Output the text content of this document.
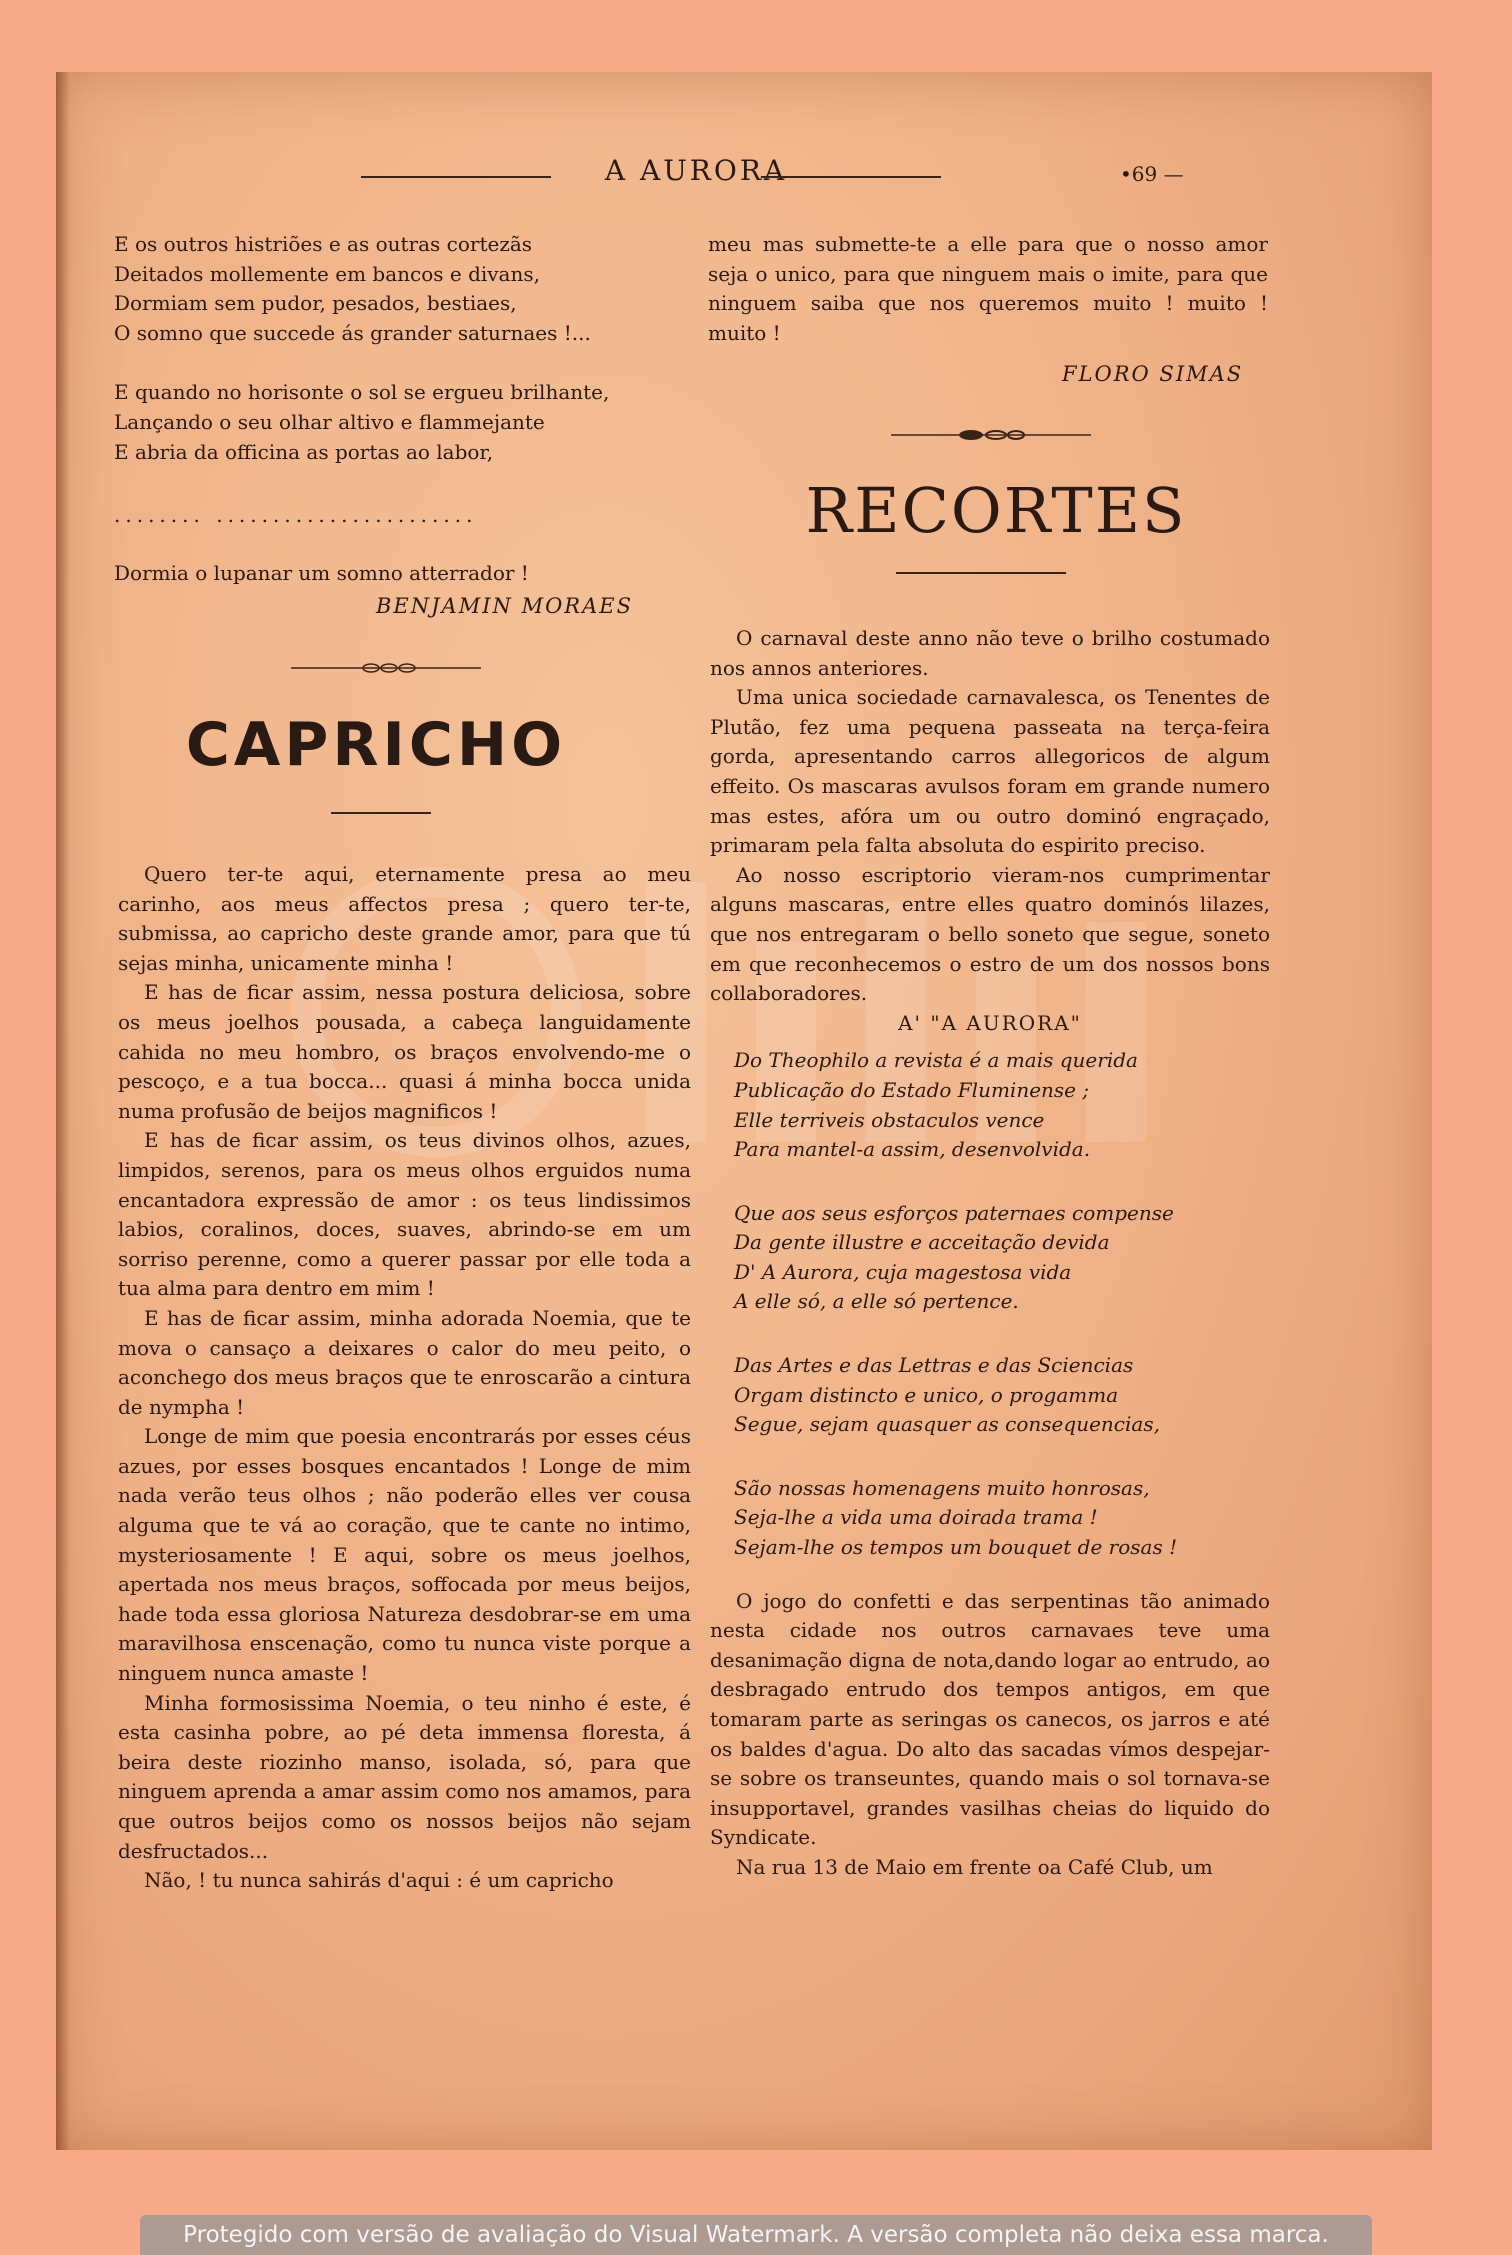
A AURORA	•69 —

E os outros histriões e as outras cortezãs

Deitados mollemente em bancos e divans,

Dormiam sem pudor, pesados, bestiaes,

O somno que succede ás grander saturnaes !...

E quando no horisonte o sol se ergueu brilhante,

Lançando o seu olhar altivo e flammejante

E abria da officina as portas ao labor,

........ .......................

Dormia o lupanar um somno atterrador !

BENJAMIN MORAES
CAPRICHO

Quero ter-te aqui, eternamente presa ao meu carinho, aos meus affectos presa ; quero ter-te, submissa, ao capricho deste grande amor, para que tú sejas minha, unicamente minha !

E has de ficar assim, nessa postura deliciosa, sobre os meus joelhos pousada, a cabeça languidamente cahida no meu hombro, os braços envolvendo-me o pescoço, e a tua bocca... quasi á minha bocca unida numa profusão de beijos magnificos !

E has de ficar assim, os teus divinos olhos, azues, limpidos, serenos, para os meus olhos erguidos numa encantadora expressão de amor : os teus lindissimos labios, coralinos, doces, suaves, abrindo-se em um sorriso perenne, como a querer passar por elle toda a tua alma para dentro em mim !

E has de ficar assim, minha adorada Noemia, que te mova o cansaço a deixares o calor do meu peito, o aconchego dos meus braços que te enroscarão a cintura de nympha !

Longe de mim que poesia encontrarás por esses céus azues, por esses bosques encantados ! Longe de mim nada verão teus olhos ; não poderão elles ver cousa alguma que te vá ao coração, que te cante no intimo, mysteriosamente ! E aqui, sobre os meus joelhos, apertada nos meus braços, soffocada por meus beijos, hade toda essa gloriosa Natureza desdobrar-se em uma maravilhosa enscenação, como tu nunca viste porque a ninguem nunca amaste !

Minha formosissima Noemia, o teu ninho é este, é esta casinha pobre, ao pé deta immensa floresta, á beira deste riozinho manso, isolada, só, para que ninguem aprenda a amar assim como nos amamos, para que outros beijos como os nossos beijos não sejam desfructados...

Não, ! tu nunca sahirás d'aqui : é um capricho

meu mas submette-te a elle para que o nosso amor seja o unico, para que ninguem mais o imite, para que ninguem saiba que nos queremos muito ! muito ! muito !

FLORO SIMAS
RECORTES

O carnaval deste anno não teve o brilho costumado nos annos anteriores.

Uma unica sociedade carnavalesca, os Tenentes de Plutão, fez uma pequena passeata na terça-feira gorda, apresentando carros allegoricos de algum effeito. Os mascaras avulsos foram em grande numero mas estes, afóra um ou outro dominó engraçado, primaram pela falta absoluta do espirito preciso.

Ao nosso escriptorio vieram-nos cumprimentar alguns mascaras, entre elles quatro dominós lilazes, que nos entregaram o bello soneto que segue, soneto em que reconhecemos o estro de um dos nossos bons collaboradores.

A' "A AURORA"

Do Theophilo a revista é a mais querida

Publicação do Estado Fluminense ;

Elle terriveis obstaculos vence

Para mantel-a assim, desenvolvida.

Que aos seus esforços paternaes compense

Da gente illustre e acceitação devida

D' A Aurora, cuja magestosa vida

A elle só, a elle só pertence.

Das Artes e das Lettras e das Sciencias

Orgam distincto e unico, o progamma

Segue, sejam quasquer as consequencias,

São nossas homenagens muito honrosas,

Seja-lhe a vida uma doirada trama !

Sejam-lhe os tempos um bouquet de rosas !

O jogo do confetti e das serpentinas tão animado nesta cidade nos outros carnavaes teve uma desanimação digna de nota,dando logar ao entrudo, ao desbragado entrudo dos tempos antigos, em que tomaram parte as seringas os canecos, os jarros e até os baldes d'agua. Do alto das sacadas vímos despejar-se sobre os transeuntes, quando mais o sol tornava-se insupportavel, grandes vasilhas cheias do liquido do Syndicate.

Na rua 13 de Maio em frente oa Café Club, um

Protegido com versão de avaliação do Visual Watermark. A versão completa não deixa essa marca.
